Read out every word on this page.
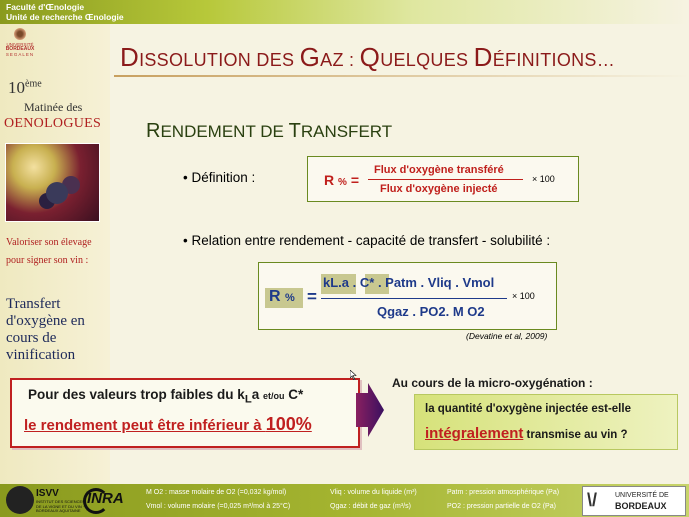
Faculté d'Œnologie
Unité de recherche Œnologie
UNIVERSITÉ
BORDEAUX
SEGALEN
10ème
Matinée des
OENOLOGUES
Valoriser son élevage
pour signer son vin :
Transfert d'oxygène en cours de vinification
DISSOLUTION DES GAZ : QUELQUES DÉFINITIONS…
RENDEMENT DE TRANSFERT
• Définition :	R % =
Flux d'oxygène transféré
Flux d'oxygène injecté
× 100
• Relation entre rendement - capacité de transfert - solubilité :
R % =
kL.a . C* . Patm . Vliq . Vmol
Qgaz . PO2. M O2
× 100
(Devatine et al, 2009)
Pour des valeurs trop faibles du $k_La$ et/ou C*
le rendement peut être inférieur à 100%
Au cours de la micro-oxygénation :
la quantité d'oxygène injectée est-elle
intégralement transmise au vin ?
ISVV
INSTITUT DES SCIENCES DE LA VIGNE ET DU VIN · BORDEAUX AQUITAINE
INRA	M O2 : masse molaire de O2 (=0,032 kg/mol)
Vmol : volume molaire (=0,025 m³/mol à 25°C)
Vliq : volume du liquide (m³)
Qgaz : débit de gaz (m³/s)
Patm : pression atmosphérique (Pa)
PO2 : pression partielle de O2 (Pa) \/	UNIVERSITÉ DE
BORDEAUX
